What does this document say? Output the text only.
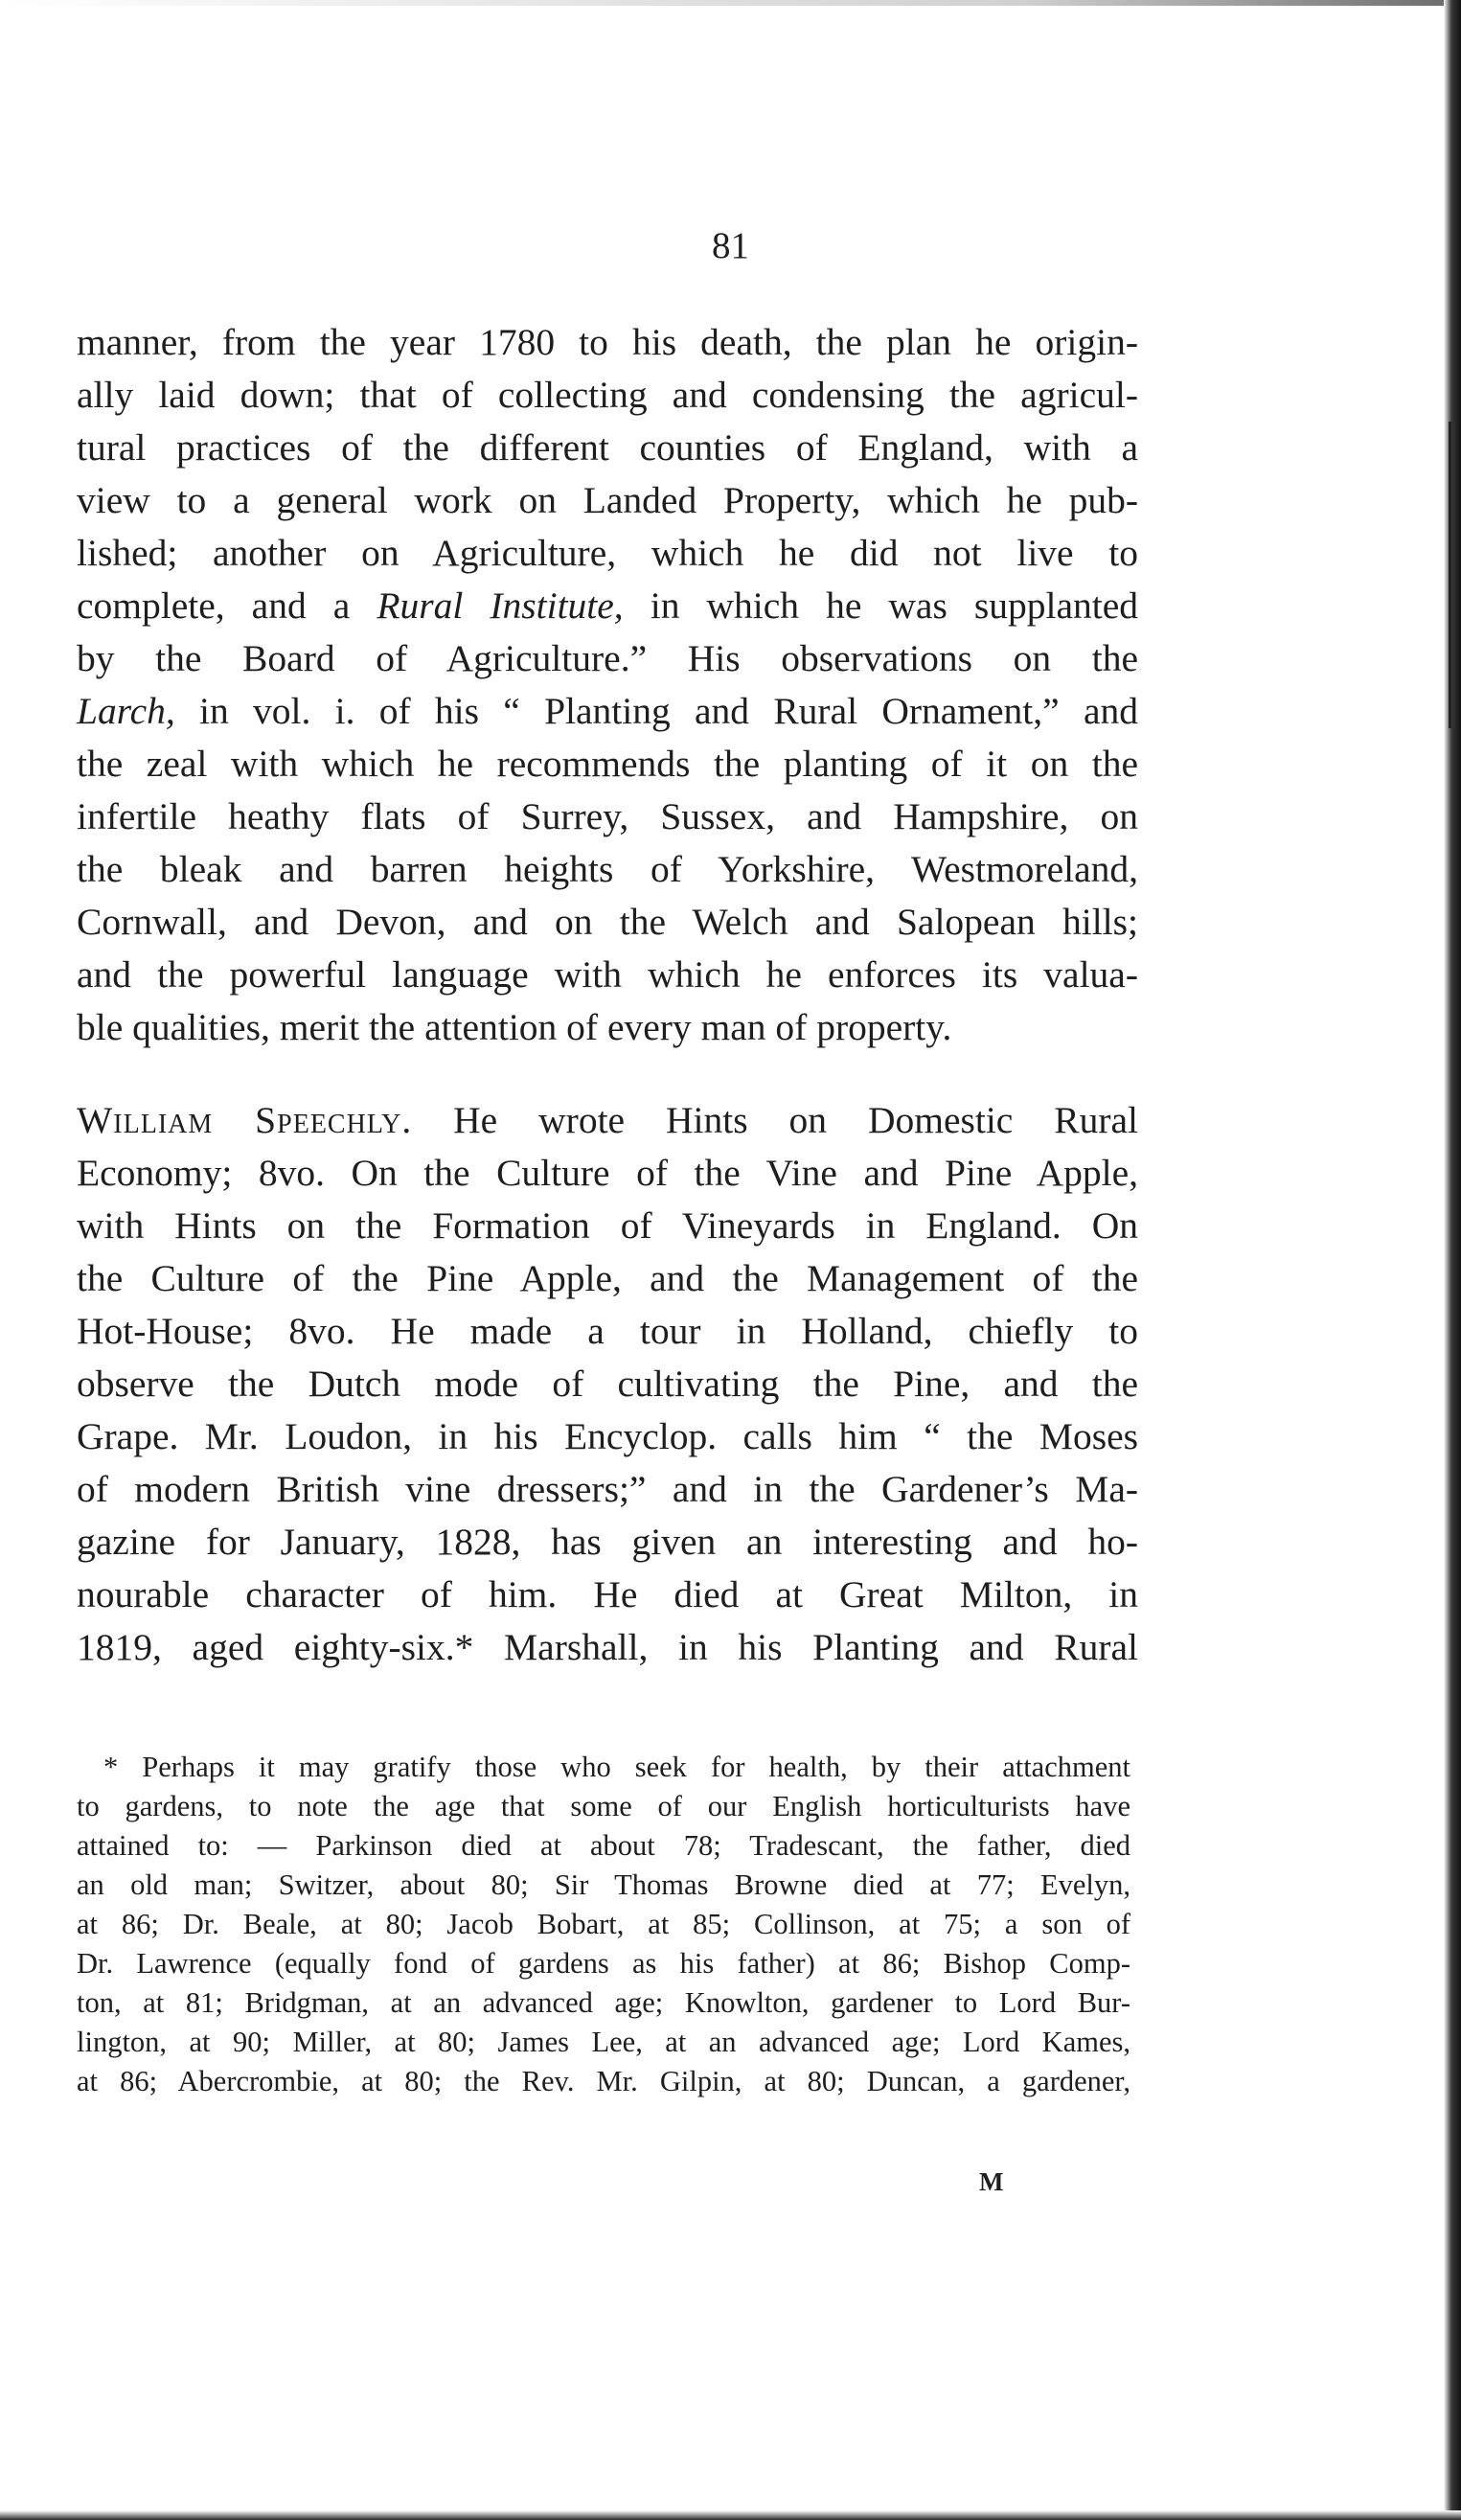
81
manner, from the year 1780 to his death, the plan he origin-
ally laid down; that of collecting and condensing the agricul-
tural practices of the different counties of England, with a
view to a general work on Landed Property, which he pub-
lished; another on Agriculture, which he did not live to
complete, and a Rural Institute, in which he was supplanted
by the Board of Agriculture.” His observations on the
Larch, in vol. i. of his “ Planting and Rural Ornament,” and
the zeal with which he recommends the planting of it on the
infertile heathy flats of Surrey, Sussex, and Hampshire, on
the bleak and barren heights of Yorkshire, Westmoreland,
Cornwall, and Devon, and on the Welch and Salopean hills;
and the powerful language with which he enforces its valua-
ble qualities, merit the attention of every man of property.
William Speechly. He wrote Hints on Domestic Rural
Economy; 8vo. On the Culture of the Vine and Pine Apple,
with Hints on the Formation of Vineyards in England. On
the Culture of the Pine Apple, and the Management of the
Hot-House; 8vo. He made a tour in Holland, chiefly to
observe the Dutch mode of cultivating the Pine, and the
Grape. Mr. Loudon, in his Encyclop. calls him “ the Moses
of modern British vine dressers;” and in the Gardener’s Ma-
gazine for January, 1828, has given an interesting and ho-
nourable character of him. He died at Great Milton, in
1819, aged eighty-six.* Marshall, in his Planting and Rural
* Perhaps it may gratify those who seek for health, by their attachment
to gardens, to note the age that some of our English horticulturists have
attained to: — Parkinson died at about 78; Tradescant, the father, died
an old man; Switzer, about 80; Sir Thomas Browne died at 77; Evelyn,
at 86; Dr. Beale, at 80; Jacob Bobart, at 85; Collinson, at 75; a son of
Dr. Lawrence (equally fond of gardens as his father) at 86; Bishop Comp-
ton, at 81; Bridgman, at an advanced age; Knowlton, gardener to Lord Bur-
lington, at 90; Miller, at 80; James Lee, at an advanced age; Lord Kames,
at 86; Abercrombie, at 80; the Rev. Mr. Gilpin, at 80; Duncan, a gardener,
M
